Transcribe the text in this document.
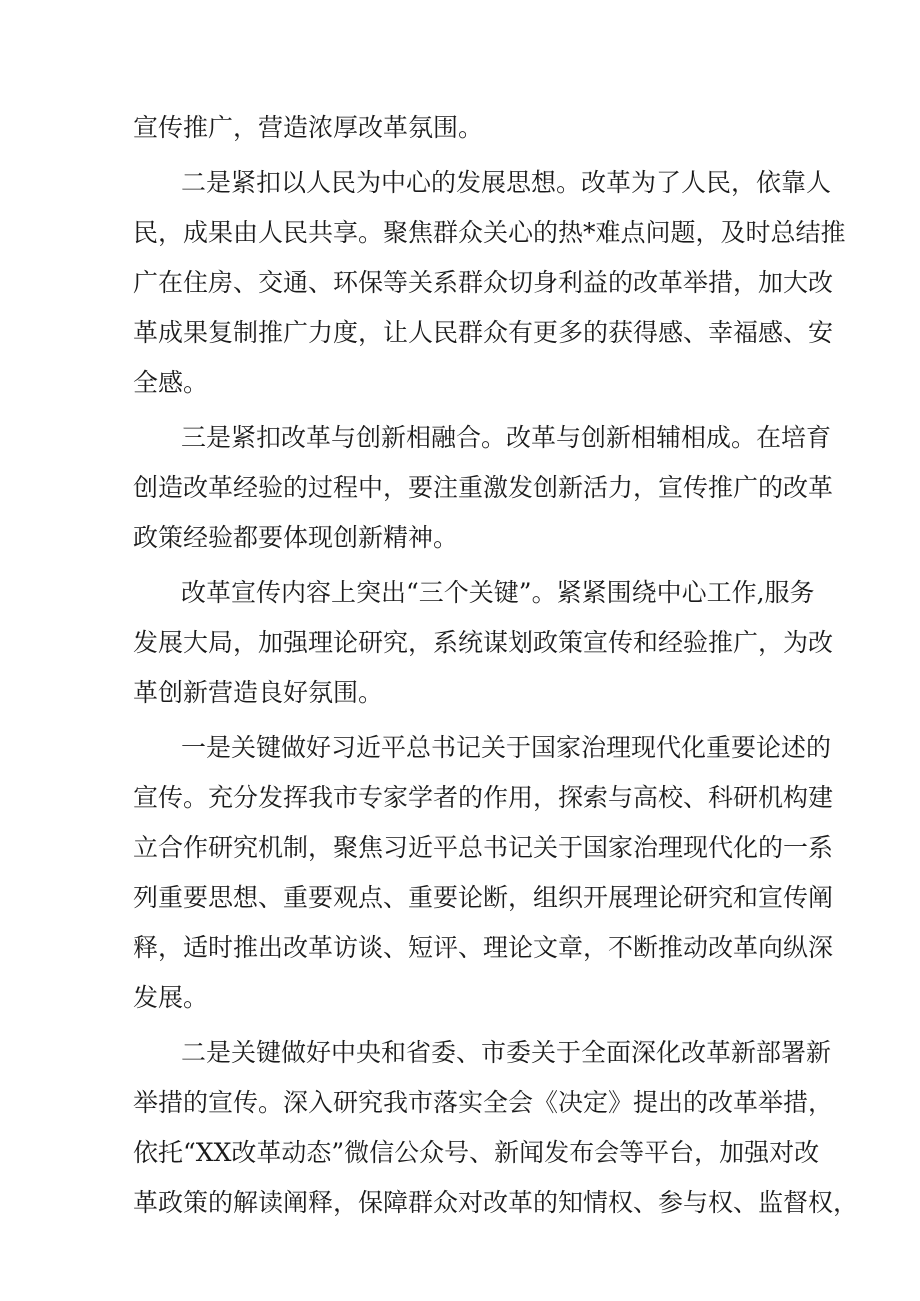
宣传推广，营造浓厚改革氛围。
二是紧扣以人民为中心的发展思想。改革为了人民，依靠人
民，成果由人民共享。聚焦群众关心的热*难点问题，及时总结推
广在住房、交通、环保等关系群众切身利益的改革举措，加大改
革成果复制推广力度，让人民群众有更多的获得感、幸福感、安
全感。
三是紧扣改革与创新相融合。改革与创新相辅相成。在培育
创造改革经验的过程中，要注重激发创新活力，宣传推广的改革
政策经验都要体现创新精神。
改革宣传内容上突出“三个关键”。紧紧围绕中心工作,服务
发展大局，加强理论研究，系统谋划政策宣传和经验推广，为改
革创新营造良好氛围。
一是关键做好习近平总书记关于国家治理现代化重要论述的
宣传。充分发挥我市专家学者的作用，探索与高校、科研机构建
立合作研究机制，聚焦习近平总书记关于国家治理现代化的一系
列重要思想、重要观点、重要论断，组织开展理论研究和宣传阐
释，适时推出改革访谈、短评、理论文章，不断推动改革向纵深
发展。
二是关键做好中央和省委、市委关于全面深化改革新部署新
举措的宣传。深入研究我市落实全会《决定》提出的改革举措，
依托“XX改革动态”微信公众号、新闻发布会等平台，加强对改
革政策的解读阐释，保障群众对改革的知情权、参与权、监督权，
